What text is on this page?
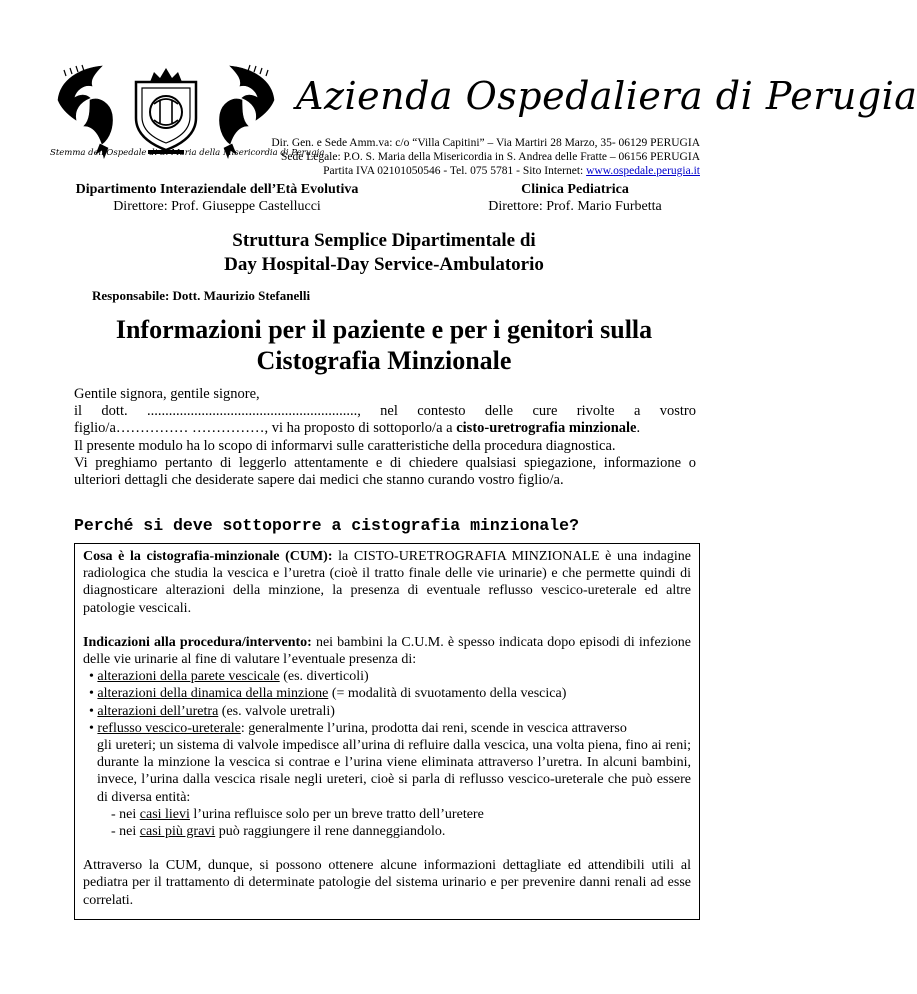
Stemma dell'Ospedale di S. Maria della Misericordia di Perugia
Azienda Ospedaliera di Perugia
Dir. Gen. e Sede Amm.va: c/o “Villa Capitini” – Via Martiri 28 Marzo, 35- 06129 PERUGIA
Sede Legale: P.O. S. Maria della Misericordia in S. Andrea delle Fratte – 06156 PERUGIA
Partita IVA 02101050546 - Tel. 075 5781 - Sito Internet: www.ospedale.perugia.it
Dipartimento Interaziendale dell’Età Evolutiva
Direttore: Prof. Giuseppe Castellucci
Clinica Pediatrica
Direttore: Prof. Mario Furbetta
Struttura Semplice Dipartimentale di
Day Hospital-Day Service-Ambulatorio
Responsabile: Dott. Maurizio Stefanelli
Informazioni per il paziente e per i genitori sulla
Cistografia Minzionale

Gentile signora, gentile signore,

il dott. .........................................................., nel contesto delle cure rivolte a vostro

figlio/a…………… ……………, vi ha proposto di sottoporlo/a a cisto-uretrografia minzionale.

Il presente modulo ha lo scopo di informarvi sulle caratteristiche della procedura diagnostica.

Vi preghiamo pertanto di leggerlo attentamente e di chiedere qualsiasi spiegazione, informazione o ulteriori dettagli che desiderate sapere dai medici che stanno curando vostro figlio/a.

Perché si deve sottoporre a cistografia minzionale?

Cosa è la cistografia-minzionale (CUM): la CISTO-URETROGRAFIA MINZIONALE è una indagine radiologica che studia la vescica e l’uretra (cioè il tratto finale delle vie urinarie) e che permette quindi di diagnosticare alterazioni della minzione, la presenza di eventuale reflusso vescico-ureterale ed altre patologie vescicali.

Indicazioni alla procedura/intervento: nei bambini la C.U.M. è spesso indicata dopo episodi di infezione delle vie urinarie al fine di valutare l’eventuale presenza di:

• alterazioni della parete vescicale (es. diverticoli)

• alterazioni della dinamica della minzione (= modalità di svuotamento della vescica)

• alterazioni dell’uretra (es. valvole uretrali)

• reflusso vescico-ureterale: generalmente l’urina, prodotta dai reni, scende in vescica attraverso

gli ureteri; un sistema di valvole impedisce all’urina di refluire dalla vescica, una volta piena, fino ai reni; durante la minzione la vescica si contrae e l’urina viene eliminata attraverso l’uretra. In alcuni bambini, invece, l’urina dalla vescica risale negli ureteri, cioè si parla di reflusso vescico-ureterale che può essere di diversa entità:

- nei casi lievi l’urina refluisce solo per un breve tratto dell’uretere

- nei casi più gravi può raggiungere il rene danneggiandolo.

Attraverso la CUM, dunque, si possono ottenere alcune informazioni dettagliate ed attendibili utili al pediatra per il trattamento di determinate patologie del sistema urinario e per prevenire danni renali ad esse correlati.
